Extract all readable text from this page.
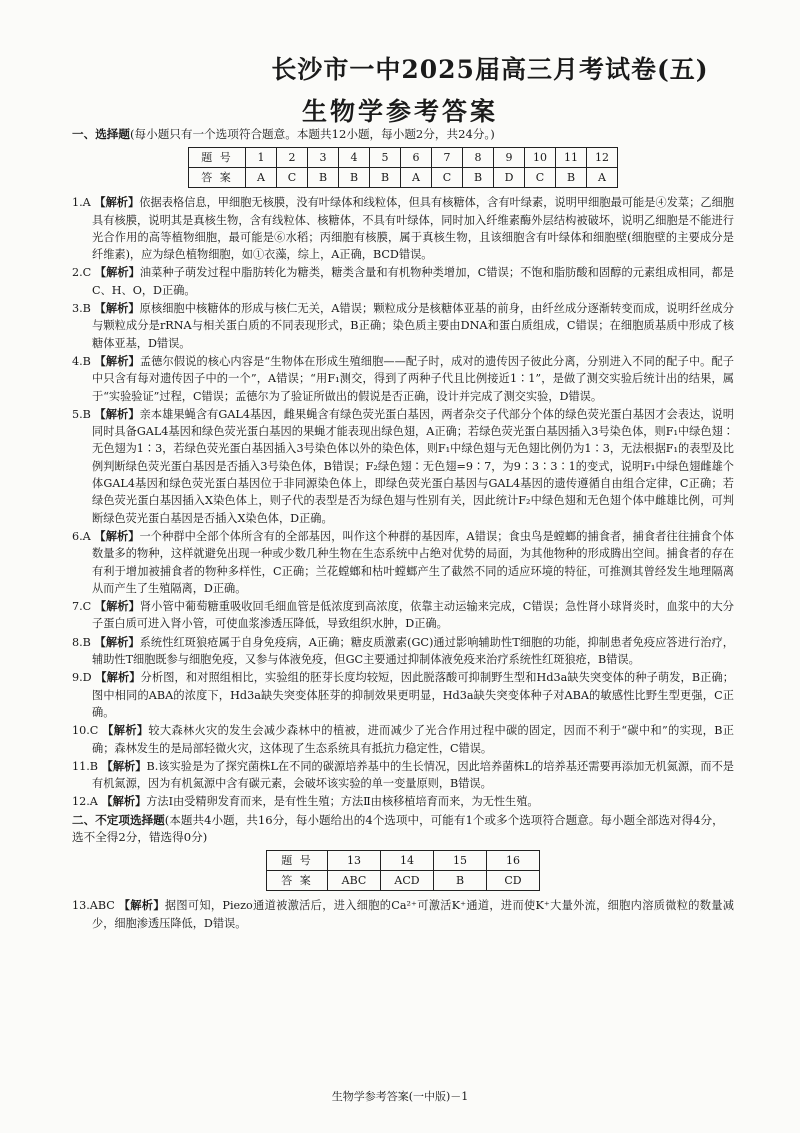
长沙市一中2025届高三月考试卷(五)
生物学参考答案

一、选择题(每小题只有一个选项符合题意。本题共12小题，每小题2分，共24分。)

题 号	1	2	3	4	5	6	7	8	9	10	11	12
答 案	A	C	B	B	B	A	C	B	D	C	B	A

1.A 【解析】依据表格信息，甲细胞无核膜，没有叶绿体和线粒体，但具有核糖体，含有叶绿素，说明甲细胞最可能是④发菜；乙细胞具有核膜，说明其是真核生物，含有线粒体、核糖体，不具有叶绿体，同时加入纤维素酶外层结构被破坏，说明乙细胞是不能进行光合作用的高等植物细胞，最可能是⑥水稻；丙细胞有核膜，属于真核生物，且该细胞含有叶绿体和细胞壁(细胞壁的主要成分是纤维素)，应为绿色植物细胞，如①衣藻，综上，A正确，BCD错误。

2.C 【解析】油菜种子萌发过程中脂肪转化为糖类，糖类含量和有机物种类增加，C错误；不饱和脂肪酸和固醇的元素组成相同，都是C、H、O，D正确。

3.B 【解析】原核细胞中核糖体的形成与核仁无关，A错误；颗粒成分是核糖体亚基的前身，由纤丝成分逐渐转变而成，说明纤丝成分与颗粒成分是rRNA与相关蛋白质的不同表现形式，B正确；染色质主要由DNA和蛋白质组成，C错误；在细胞质基质中形成了核糖体亚基，D错误。

4.B 【解析】孟德尔假说的核心内容是“生物体在形成生殖细胞——配子时，成对的遗传因子彼此分离，分别进入不同的配子中。配子中只含有每对遗传因子中的一个”，A错误；“用F₁测交，得到了两种子代且比例接近1∶1”，是做了测交实验后统计出的结果，属于“实验验证”过程，C错误；孟德尔为了验证所做出的假说是否正确，设计并完成了测交实验，D错误。

5.B 【解析】亲本雄果蝇含有GAL4基因，雌果蝇含有绿色荧光蛋白基因，两者杂交子代部分个体的绿色荧光蛋白基因才会表达，说明同时具备GAL4基因和绿色荧光蛋白基因的果蝇才能表现出绿色翅，A正确；若绿色荧光蛋白基因插入3号染色体，则F₁中绿色翅∶无色翅为1∶3，若绿色荧光蛋白基因插入3号染色体以外的染色体，则F₁中绿色翅与无色翅比例仍为1∶3，无法根据F₁的表型及比例判断绿色荧光蛋白基因是否插入3号染色体，B错误；F₂绿色翅∶无色翅=9∶7，为9∶3∶3∶1的变式，说明F₁中绿色翅雌雄个体GAL4基因和绿色荧光蛋白基因位于非同源染色体上，即绿色荧光蛋白基因与GAL4基因的遗传遵循自由组合定律，C正确；若绿色荧光蛋白基因插入X染色体上，则子代的表型是否为绿色翅与性别有关，因此统计F₂中绿色翅和无色翅个体中雌雄比例，可判断绿色荧光蛋白基因是否插入X染色体，D正确。

6.A 【解析】一个种群中全部个体所含有的全部基因，叫作这个种群的基因库，A错误；食虫鸟是螳螂的捕食者，捕食者往往捕食个体数量多的物种，这样就避免出现一种或少数几种生物在生态系统中占绝对优势的局面，为其他物种的形成腾出空间。捕食者的存在有利于增加被捕食者的物种多样性，C正确；兰花螳螂和枯叶螳螂产生了截然不同的适应环境的特征，可推测其曾经发生地理隔离从而产生了生殖隔离，D正确。

7.C 【解析】肾小管中葡萄糖重吸收回毛细血管是低浓度到高浓度，依靠主动运输来完成，C错误；急性肾小球肾炎时，血浆中的大分子蛋白质可进入肾小管，可使血浆渗透压降低，导致组织水肿，D正确。

8.B 【解析】系统性红斑狼疮属于自身免疫病，A正确；糖皮质激素(GC)通过影响辅助性T细胞的功能，抑制患者免疫应答进行治疗，辅助性T细胞既参与细胞免疫，又参与体液免疫，但GC主要通过抑制体液免疫来治疗系统性红斑狼疮，B错误。

9.D 【解析】分析图，和对照组相比，实验组的胚芽长度均较短，因此脱落酸可抑制野生型和Hd3a缺失突变体的种子萌发，B正确；图中相同的ABA的浓度下，Hd3a缺失突变体胚芽的抑制效果更明显，Hd3a缺失突变体种子对ABA的敏感性比野生型更强，C正确。

10.C 【解析】较大森林火灾的发生会减少森林中的植被，进而减少了光合作用过程中碳的固定，因而不利于“碳中和”的实现，B正确；森林发生的是局部轻微火灾，这体现了生态系统具有抵抗力稳定性，C错误。

11.B 【解析】B.该实验是为了探究菌株L在不同的碳源培养基中的生长情况，因此培养菌株L的培养基还需要再添加无机氮源，而不是有机氮源，因为有机氮源中含有碳元素，会破坏该实验的单一变量原则，B错误。

12.A 【解析】方法Ⅰ由受精卵发育而来，是有性生殖；方法Ⅱ由核移植培育而来，为无性生殖。

二、不定项选择题(本题共4小题，共16分，每小题给出的4个选项中，可能有1个或多个选项符合题意。每小题全部选对得4分，选不全得2分，错选得0分)

题 号	13	14	15	16
答 案	ABC	ACD	B	CD

13.ABC 【解析】据图可知，Piezo通道被激活后，进入细胞的Ca²⁺可激活K⁺通道，进而使K⁺大量外流，细胞内溶质微粒的数量减少，细胞渗透压降低，D错误。

生物学参考答案(一中版)－1
